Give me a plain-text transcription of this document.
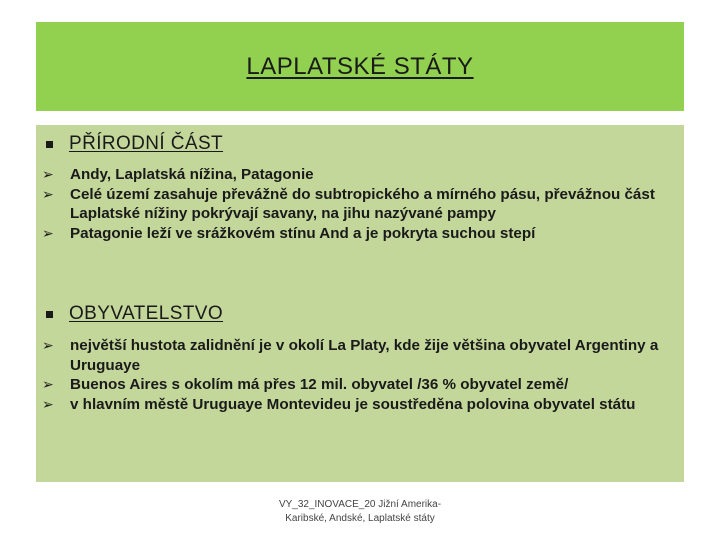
LAPLATSKÉ STÁTY
PŘÍRODNÍ ČÁST
➢ Andy, Laplatská nížina, Patagonie
➢ Celé území zasahuje převážně do subtropického a mírného pásu, převážnou část Laplatské nížiny pokrývají savany, na jihu nazývané pampy
➢ Patagonie leží ve srážkovém stínu And a je pokryta suchou stepí
OBYVATELSTVO
➢ největší hustota zalidnění je v okolí La Platy, kde žije většina obyvatel Argentiny a Uruguaye
➢ Buenos Aires s okolím má přes 12 mil. obyvatel /36 % obyvatel země/
➢ v hlavním městě Uruguaye Montevideu je soustředěna polovina obyvatel státu
VY_32_INOVACE_20 Jižní Amerika-
Karibské, Andské, Laplatské státy
